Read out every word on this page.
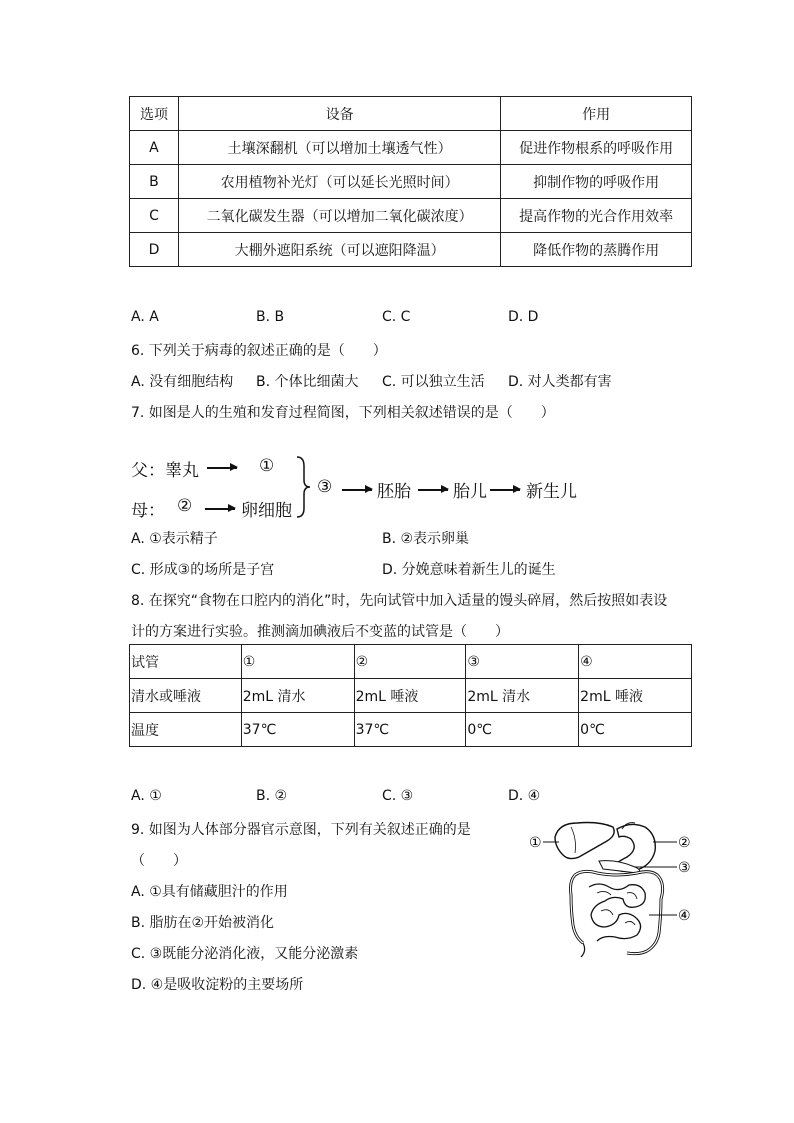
选项	设备	作用
A	土壤深翻机（可以增加土壤透气性）	促进作物根系的呼吸作用
B	农用植物补光灯（可以延长光照时间）	抑制作物的呼吸作用
C	二氧化碳发生器（可以增加二氧化碳浓度）	提高作物的光合作用效率
D	大棚外遮阳系统（可以遮阳降温）	降低作物的蒸腾作用
A. A	B. B	C. C	D. D
6. 下列关于病毒的叙述正确的是（　　）
A. 没有细胞结构 B. 个体比细菌大 C. 可以独立生活 D. 对人类都有害
7. 如图是人的生殖和发育过程简图，下列相关叙述错误的是（　　）
父：睾丸	①
母： ②	卵细胞
③	胚胎 胎儿 新生儿
A. ①表示精子	B. ②表示卵巢
C. 形成③的场所是子宫	D. 分娩意味着新生儿的诞生
8. 在探究“食物在口腔内的消化”时，先向试管中加入适量的馒头碎屑，然后按照如表设
计的方案进行实验。推测滴加碘液后不变蓝的试管是（　　）
试管	①	②	③	④
清水或唾液	2mL 清水	2mL 唾液	2mL 清水	2mL 唾液
温度	37℃	37℃	0℃	0℃
A. ①	B. ②	C. ③	D. ④
9. 如图为人体部分器官示意图，下列有关叙述正确的是
（　　）
A. ①具有储藏胆汁的作用
B. 脂肪在②开始被消化
C. ③既能分泌消化液，又能分泌激素
D. ④是吸收淀粉的主要场所
①	②
③
④
